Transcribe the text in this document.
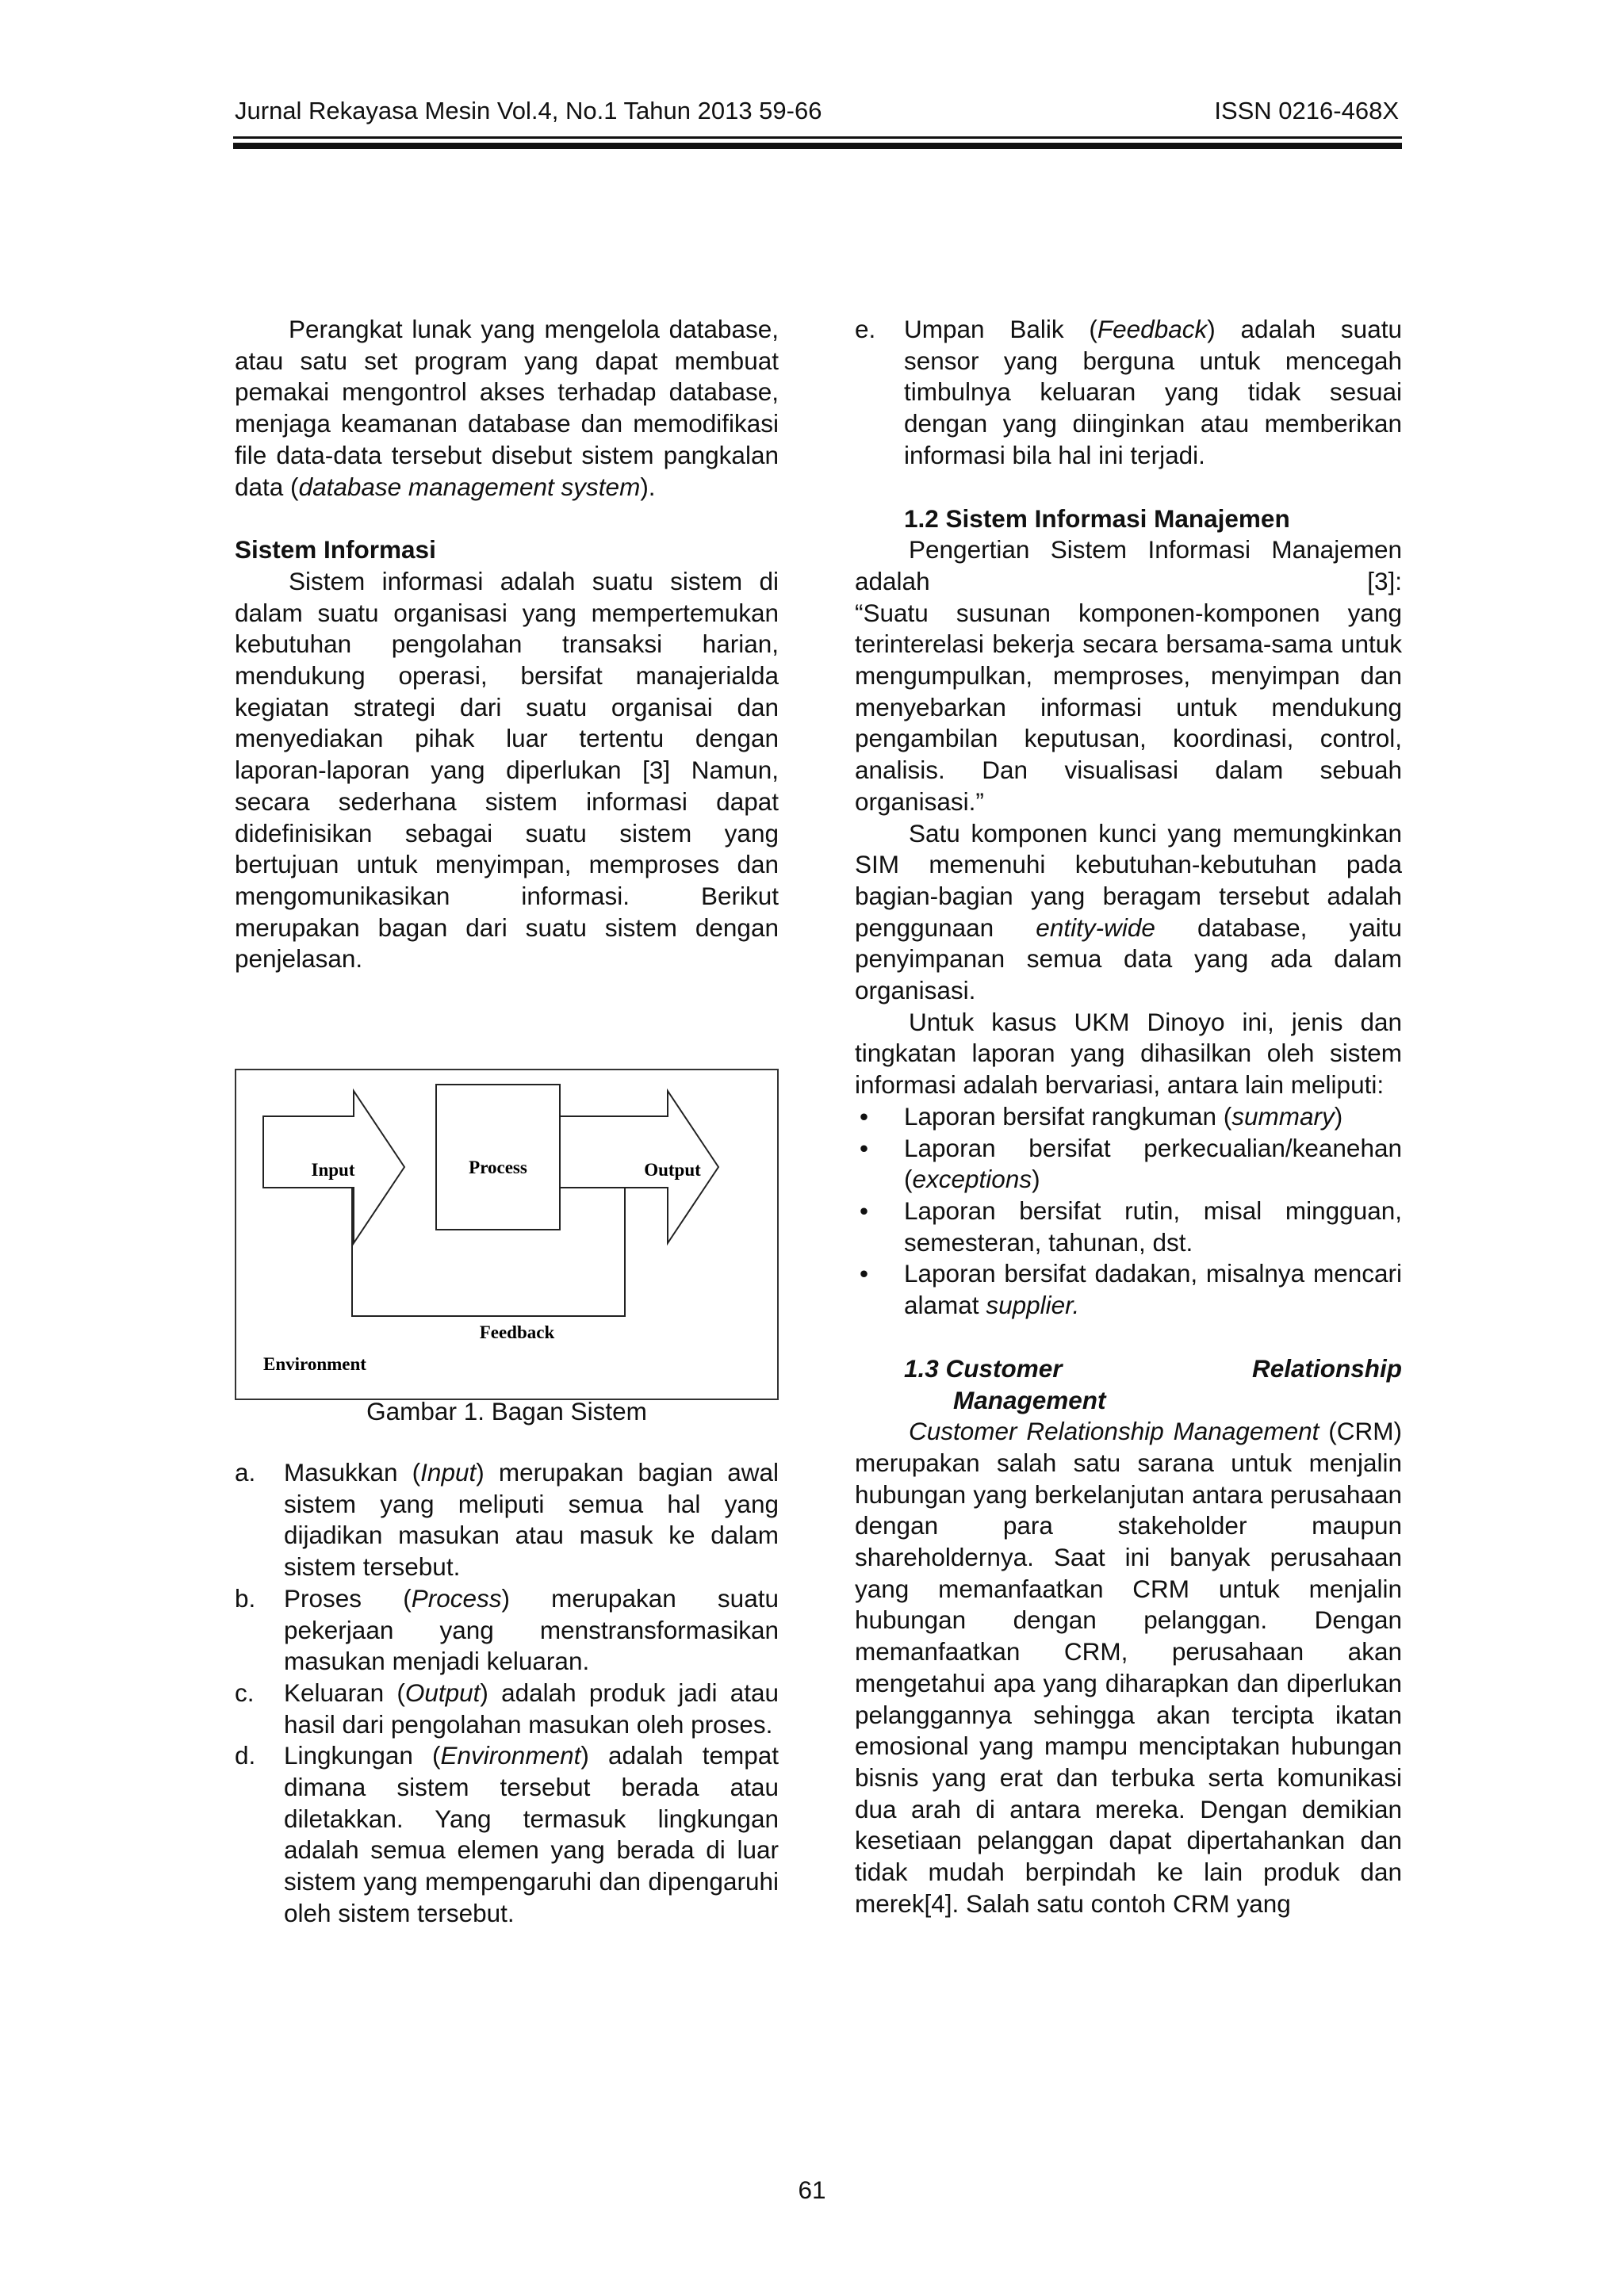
Jurnal Rekayasa Mesin Vol.4, No.1 Tahun 2013 59-66	ISSN 0216-468X

Perangkat lunak yang mengelola database, atau satu set program yang dapat membuat pemakai mengontrol akses terhadap database, menjaga keamanan database dan memodifikasi file data-data tersebut disebut sistem pangkalan data (database management system).

Sistem Informasi

Sistem informasi adalah suatu sistem di dalam suatu organisasi yang mempertemukan kebutuhan pengolahan transaksi harian, mendukung operasi, bersifat manajerialda kegiatan strategi dari suatu organisai dan menyediakan pihak luar tertentu dengan laporan-laporan yang diperlukan [3] Namun, secara sederhana sistem informasi dapat didefinisikan sebagai suatu sistem yang bertujuan untuk menyimpan, memproses dan mengomunikasikan informasi. Berikut merupakan bagan dari suatu sistem dengan penjelasan.

Input	Process	Output
Feedback
Environment
Gambar 1. Bagan Sistem
a.	Masukkan (Input) merupakan bagian awal sistem yang meliputi semua hal yang dijadikan masukan atau masuk ke dalam sistem tersebut.
b.	Proses (Process) merupakan suatu pekerjaan yang menstransformasikan masukan menjadi keluaran.
c.	Keluaran (Output) adalah produk jadi atau hasil dari pengolahan masukan oleh proses.
d.	Lingkungan (Environment) adalah tempat dimana sistem tersebut berada atau diletakkan. Yang termasuk lingkungan adalah semua elemen yang berada di luar sistem yang mempengaruhi dan dipengaruhi oleh sistem tersebut.
e.	Umpan Balik (Feedback) adalah suatu sensor yang berguna untuk mencegah timbulnya keluaran yang tidak sesuai dengan yang diinginkan atau memberikan informasi bila hal ini terjadi.

1.2 Sistem Informasi Manajemen

Pengertian Sistem Informasi Manajemen adalah [3]:

“Suatu susunan komponen-komponen yang terinterelasi bekerja secara bersama-sama untuk mengumpulkan, memproses, menyimpan dan menyebarkan informasi untuk mendukung pengambilan keputusan, koordinasi, control, analisis. Dan visualisasi dalam sebuah organisasi.”

Satu komponen kunci yang memungkinkan SIM memenuhi kebutuhan-kebutuhan pada bagian-bagian yang beragam tersebut adalah penggunaan entity-wide database, yaitu penyimpanan semua data yang ada dalam organisasi.

Untuk kasus UKM Dinoyo ini, jenis dan tingkatan laporan yang dihasilkan oleh sistem informasi adalah bervariasi, antara lain meliputi:

•	Laporan bersifat rangkuman (summary)
•	Laporan bersifat perkecualian/keanehan (exceptions)
•	Laporan bersifat rutin, misal mingguan, semesteran, tahunan, dst.
•	Laporan bersifat dadakan, misalnya mencari alamat supplier.
1.3 Customer	Relationship
Management

Customer Relationship Management (CRM) merupakan salah satu sarana untuk menjalin hubungan yang berkelanjutan antara perusahaan dengan para stakeholder maupun shareholdernya. Saat ini banyak perusahaan yang memanfaatkan CRM untuk menjalin hubungan dengan pelanggan. Dengan memanfaatkan CRM, perusahaan akan mengetahui apa yang diharapkan dan diperlukan pelanggannya sehingga akan tercipta ikatan emosional yang mampu menciptakan hubungan bisnis yang erat dan terbuka serta komunikasi dua arah di antara mereka. Dengan demikian kesetiaan pelanggan dapat dipertahankan dan tidak mudah berpindah ke lain produk dan merek[4]. Salah satu contoh CRM yang

61
